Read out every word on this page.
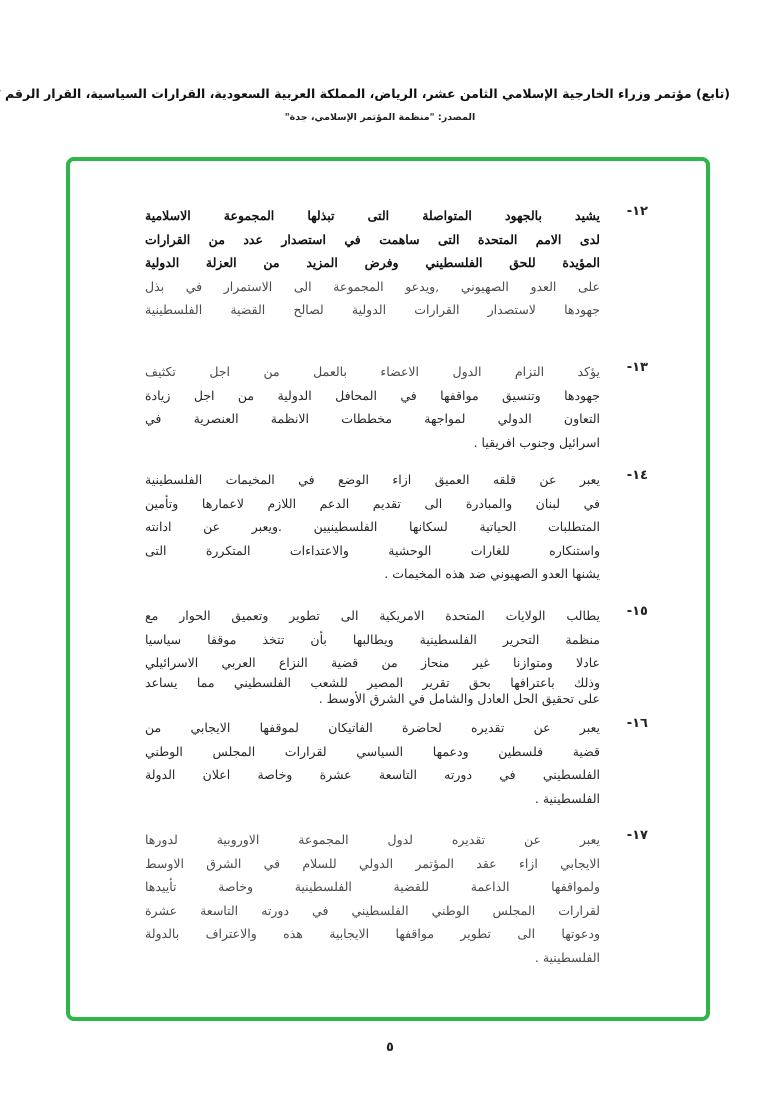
(تابع) مؤتمر وزراء الخارجية الإسلامي الثامن عشر، الرياض، المملكة العربية السعودية، القرارات السياسية، القرار الرقم
المصدر: "منظمة المؤتمر الإسلامي، جدة"
١٢-
يشيد بالجهود المتواصلة التى تبذلها المجموعة الاسلامية
لدى الامم المتحدة التى ساهمت في استصدار عدد من القرارات
المؤيدة للحق الفلسطيني وفرض المزيد من العزلة الدولية
على العدو الصهيوني ,ويدعو المجموعة الى الاستمرار في بذل
جهودها لاستصدار القرارات الدولية لصالح القضية الفلسطينية
١٣-
يؤكد التزام الدول الاعضاء بالعمل من اجل تكثيف
جهودها وتنسيق مواقفها في المحافل الدولية من اجل زيادة
التعاون الدولي لمواجهة مخططات الانظمة العنصرية في
اسرائيل وجنوب افريقيا .
١٤-
يعبر عن قلقه العميق ازاء الوضع في المخيمات الفلسطينية
في لبنان والمبادرة الى تقديم الدعم اللازم لاعمارها وتأمين
المتطلبات الحياتية لسكانها الفلسطينيين .ويعبر عن ادانته
واستنكاره للغارات الوحشية والاعتداءات المتكررة التى
يشنها العدو الصهيوني ضد هذه المخيمات .
١٥-
يطالب الولايات المتحدة الامريكية الى تطوير وتعميق الحوار مع
منظمة التحرير الفلسطينية ويطالبها بأن تتخذ موقفا سياسيا
عادلا ومتوازنا غير منحاز من قضية النزاع العربي الاسرائيلي
وذلك باعترافها بحق تقرير المصير للشعب الفلسطيني مما يساعد
على تحقيق الحل العادل والشامل في الشرق الأوسط .
١٦-
يعبر عن تقديره لحاضرة الفاتيكان لموقفها الايجابي من
قضية فلسطين ودعمها السياسي لقرارات المجلس الوطني
الفلسطيني في دورته التاسعة عشرة وخاصة اعلان الدولة
الفلسطينية .
١٧-
يعبر عن تقديره لدول المجموعة الاوروبية لدورها
الايجابي ازاء عقد المؤتمر الدولي للسلام في الشرق الاوسط
ولمواقفها الداعمة للقضية الفلسطينية وخاصة تأييدها
لقرارات المجلس الوطني الفلسطيني في دورته التاسعة عشرة
ودعوتها الى تطوير مواقفها الايجابية هذه والاعتراف بالدولة
الفلسطينية .
٥
